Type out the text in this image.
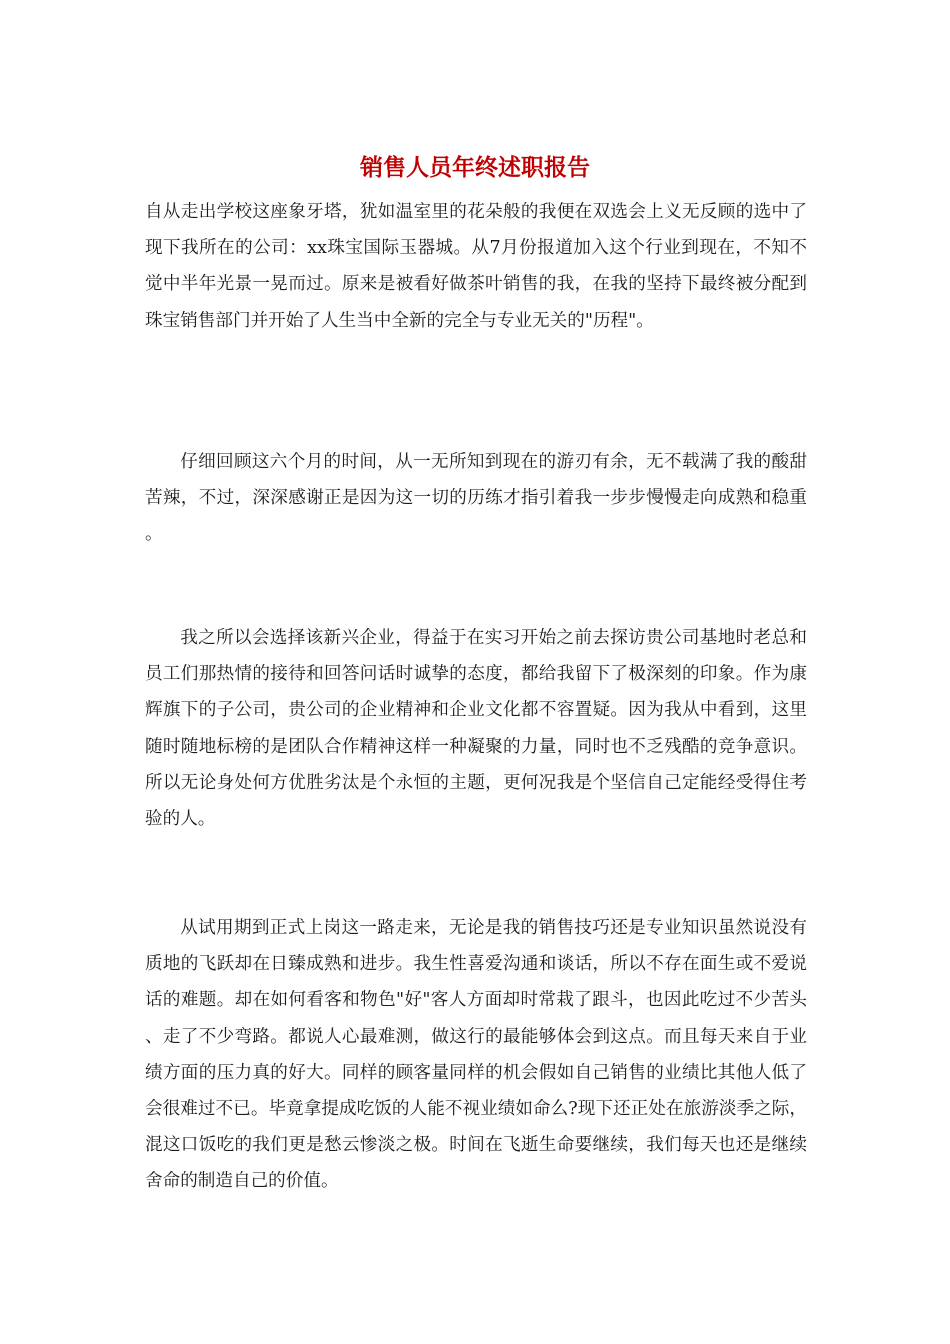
销售人员年终述职报告

自从走出学校这座象牙塔，犹如温室里的花朵般的我便在双选会上义无反顾的选中了现下我所在的公司：xx珠宝国际玉器城。从7月份报道加入这个行业到现在，不知不觉中半年光景一晃而过。原来是被看好做茶叶销售的我，在我的坚持下最终被分配到珠宝销售部门并开始了人生当中全新的完全与专业无关的"历程"。

仔细回顾这六个月的时间，从一无所知到现在的游刃有余，无不载满了我的酸甜苦辣，不过，深深感谢正是因为这一切的历练才指引着我一步步慢慢走向成熟和稳重。

我之所以会选择该新兴企业，得益于在实习开始之前去探访贵公司基地时老总和员工们那热情的接待和回答问话时诚挚的态度，都给我留下了极深刻的印象。作为康辉旗下的子公司，贵公司的企业精神和企业文化都不容置疑。因为我从中看到，这里随时随地标榜的是团队合作精神这样一种凝聚的力量，同时也不乏残酷的竞争意识。所以无论身处何方优胜劣汰是个永恒的主题，更何况我是个坚信自己定能经受得住考验的人。

从试用期到正式上岗这一路走来，无论是我的销售技巧还是专业知识虽然说没有质地的飞跃却在日臻成熟和进步。我生性喜爱沟通和谈话，所以不存在面生或不爱说话的难题。却在如何看客和物色"好"客人方面却时常栽了跟斗，也因此吃过不少苦头、走了不少弯路。都说人心最难测，做这行的最能够体会到这点。而且每天来自于业绩方面的压力真的好大。同样的顾客量同样的机会假如自己销售的业绩比其他人低了会很难过不已。毕竟拿提成吃饭的人能不视业绩如命么?现下还正处在旅游淡季之际，混这口饭吃的我们更是愁云惨淡之极。时间在飞逝生命要继续，我们每天也还是继续舍命的制造自己的价值。
